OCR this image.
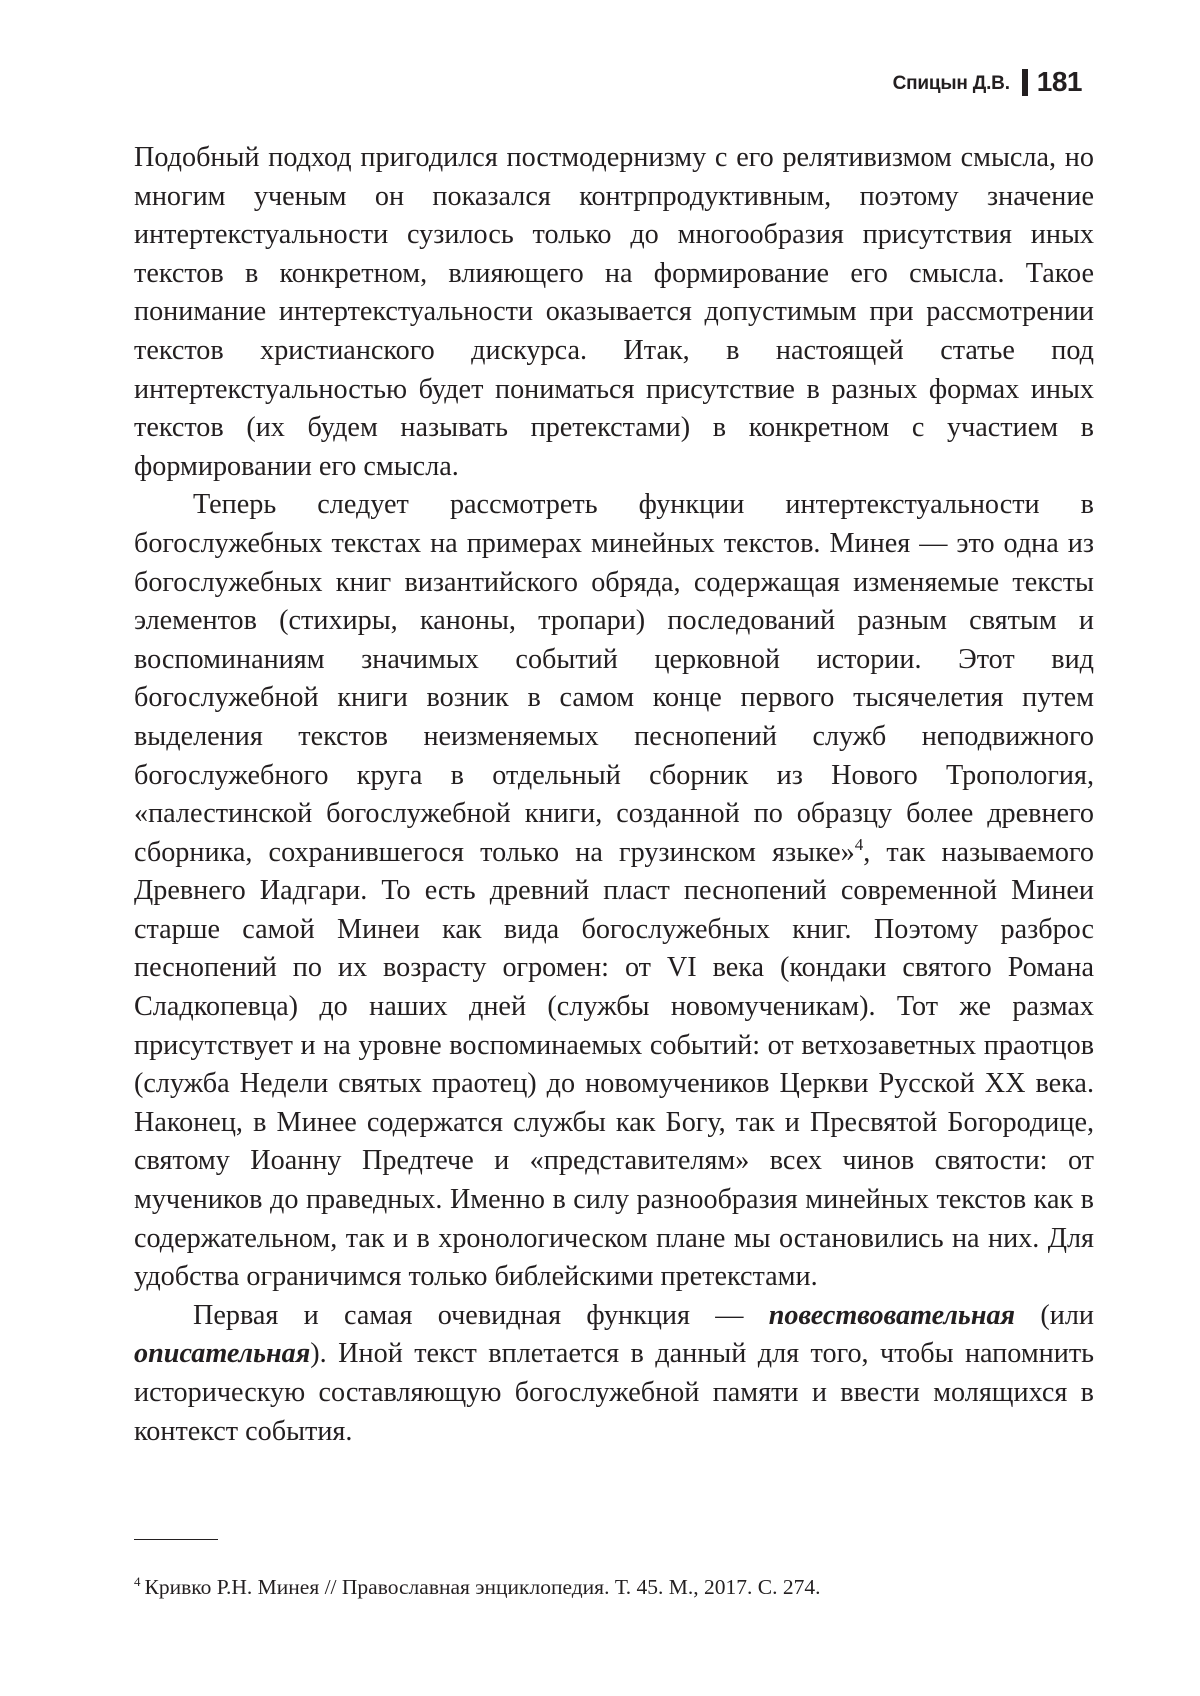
Спицын Д.В. 181

Подобный подход пригодился постмодернизму с его релятивизмом смысла, но многим ученым он показался контрпродуктивным, поэтому значение интертекстуальности сузилось только до многообразия присутствия иных текстов в конкретном, влияющего на формирование его смысла. Такое понимание интертекстуальности оказывается допустимым при рассмотрении текстов христианского дискурса. Итак, в настоящей статье под интертекстуальностью будет пониматься присутствие в разных формах иных текстов (их будем называть претекстами) в конкретном с участием в формировании его смысла.

Теперь следует рассмотреть функции интертекстуальности в богослужебных текстах на примерах минейных текстов. Минея — это одна из богослужебных книг византийского обряда, содержащая изменяемые тексты элементов (стихиры, каноны, тропари) последований разным святым и воспоминаниям значимых событий церковной истории. Этот вид богослужебной книги возник в самом конце первого тысячелетия путем выделения текстов неизменяемых песнопений служб неподвижного богослужебного круга в отдельный сборник из Нового Тропология, «палестинской богослужебной книги, созданной по образцу более древнего сборника, сохранившегося только на грузинском языке»$^4$, так называемого Древнего Иадгари. То есть древний пласт песнопений современной Минеи старше самой Минеи как вида богослужебных книг. Поэтому разброс песнопений по их возрасту огромен: от VI века (кондаки святого Романа Сладкопевца) до наших дней (службы новомученикам). Тот же размах присутствует и на уровне воспоминаемых событий: от ветхозаветных праотцов (служба Недели святых праотец) до новомучеников Церкви Русской XX века. Наконец, в Минее содержатся службы как Богу, так и Пресвятой Богородице, святому Иоанну Предтече и «представителям» всех чинов святости: от мучеников до праведных. Именно в силу разнообразия минейных текстов как в содержательном, так и в хронологическом плане мы остановились на них. Для удобства ограничимся только библейскими претекстами.

Первая и самая очевидная функция — повествовательная (или описательная). Иной текст вплетается в данный для того, чтобы напомнить историческую составляющую богослужебной памяти и ввести молящихся в контекст события.

$^4$ Кривко Р.Н. Минея // Православная энциклопедия. Т. 45. М., 2017. С. 274.
